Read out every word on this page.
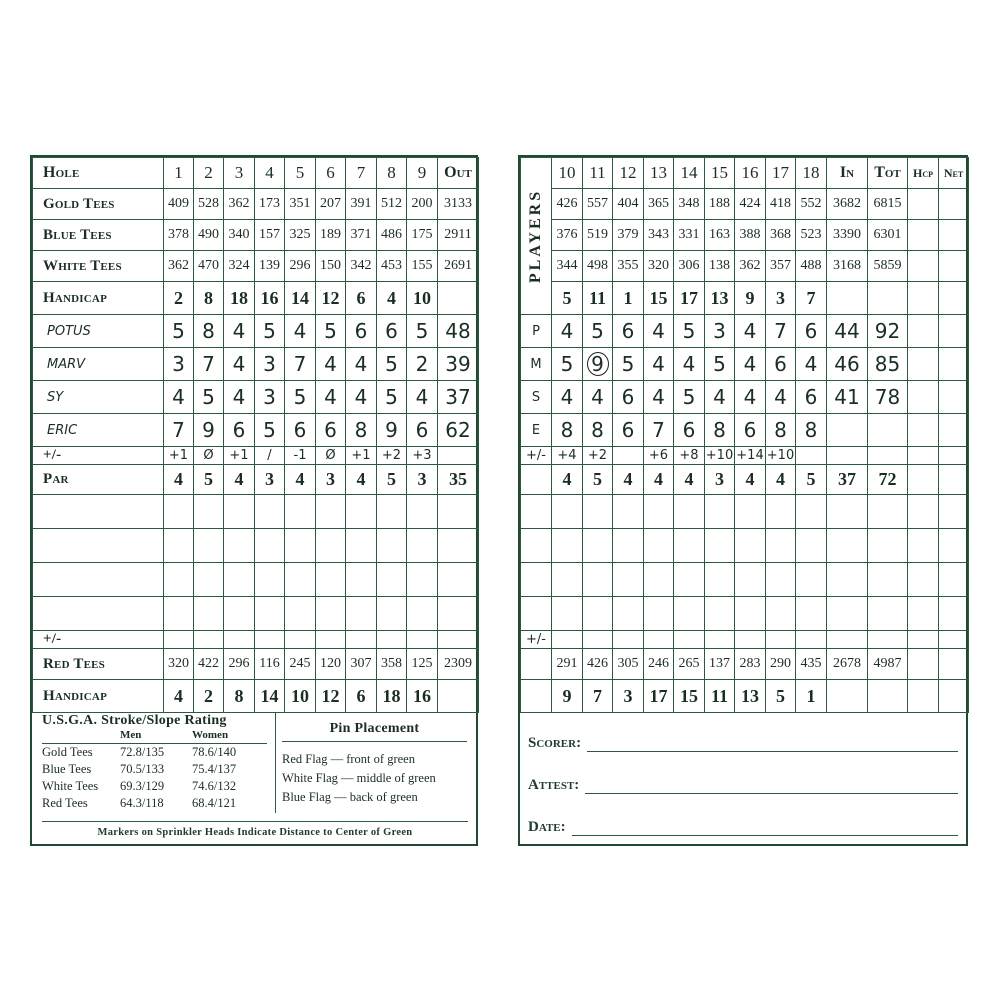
Hole	1	2	3	4	5	6	7	8	9	Out
Gold Tees	409	528	362	173	351	207	391	512	200	3133
Blue Tees	378	490	340	157	325	189	371	486	175	2911
White Tees	362	470	324	139	296	150	342	453	155	2691
Handicap	2	8	18	16	14	12	6	4	10	
POTUS	5	8	4	5	4	5	6	6	5	48
MARV	3	7	4	3	7	4	4	5	2	39
SY	4	5	4	3	5	4	4	5	4	37
ERIC	7	9	6	5	6	6	8	9	6	62
+/-	+1	Ø	+1	/	-1	Ø	+1	+2	+3	
Par	4	5	4	3	4	3	4	5	3	35

+/-										
Red Tees	320	422	296	116	245	120	307	358	125	2309
Handicap	4	2	8	14	10	12	6	18	16	
U.S.G.A. Stroke/Slope Rating
Men	Women
Gold Tees	72.8/135	78.6/140
Blue Tees	70.5/133	75.4/137
White Tees	69.3/129	74.6/132
Red Tees	64.3/118	68.4/121
Pin Placement
Red Flag — front of green
White Flag — middle of green
Blue Flag — back of green
Markers on Sprinkler Heads Indicate Distance to Center of Green
PLAYERS	10	11	12	13	14	15	16	17	18	In	Tot	Hcp	Net
	426	557	404	365	348	188	424	418	552	3682	6815		
	376	519	379	343	331	163	388	368	523	3390	6301		
	344	498	355	320	306	138	362	357	488	3168	5859		
	5	11	1	15	17	13	9	3	7				
P	4	5	6	4	5	3	4	7	6	44	92		
M	5	9	5	4	4	5	4	6	4	46	85		
S	4	4	6	4	5	4	4	4	6	41	78		
E	8	8	6	7	6	8	6	8	8				
+/-	+4	+2		+6	+8	+10	+14	+10					
	4	5	4	4	4	3	4	4	5	37	72		

+/-													
	291	426	305	246	265	137	283	290	435	2678	4987		
	9	7	3	17	15	11	13	5	1				
Scorer:
Attest:
Date:
